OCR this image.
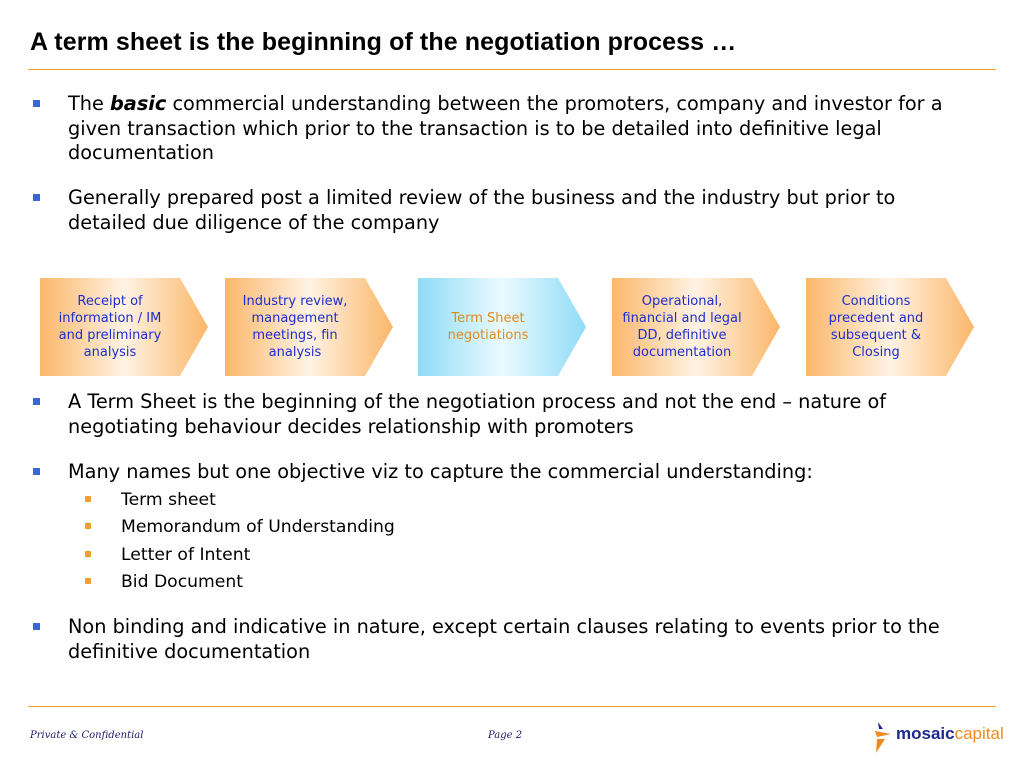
A term sheet is the beginning of the negotiation process …
The basic commercial understanding between the promoters, company and investor for a given transaction which prior to the transaction is to be detailed into definitive legal documentation
Generally prepared post a limited review of the business and the industry but prior to detailed due diligence of the company
Receipt of information / IM and preliminary analysis
Industry review, management meetings, fin analysis
Term Sheet negotiations
Operational, financial and legal DD, definitive documentation
Conditions precedent and subsequent & Closing
A Term Sheet is the beginning of the negotiation process and not the end – nature of negotiating behaviour decides relationship with promoters
Many names but one objective viz to capture the commercial understanding:
Term sheet
Memorandum of Understanding
Letter of Intent
Bid Document
Non binding and indicative in nature, except certain clauses relating to events prior to the definitive documentation
Private & Confidential	Page 2	mosaiccapital
